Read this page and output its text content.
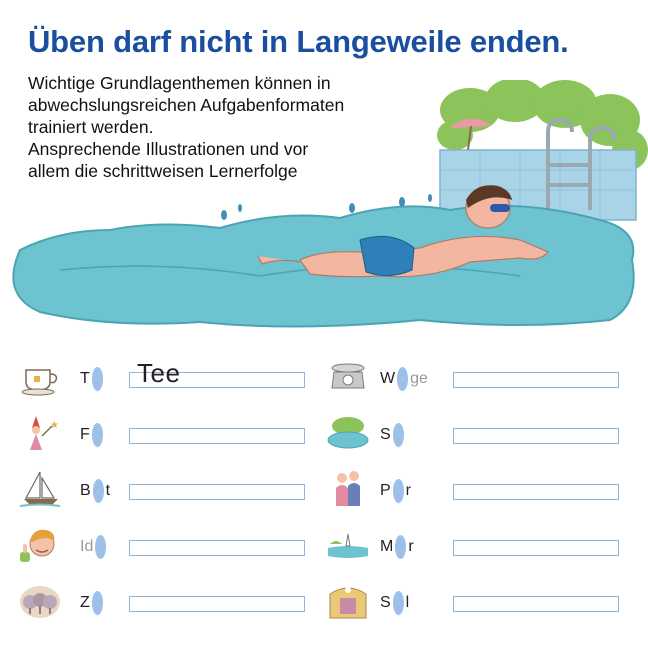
Üben darf nicht in Langeweile enden.
Wichtige Grundlagenthemen können in
abwechslungsreichen Aufgabenformaten
trainiert werden.
Ansprechende Illustrationen und vor
allem die schrittweisen Lernerfolge
T Tee
★
F
B t
Id
Z
W ge
S
P r
M r
S l
